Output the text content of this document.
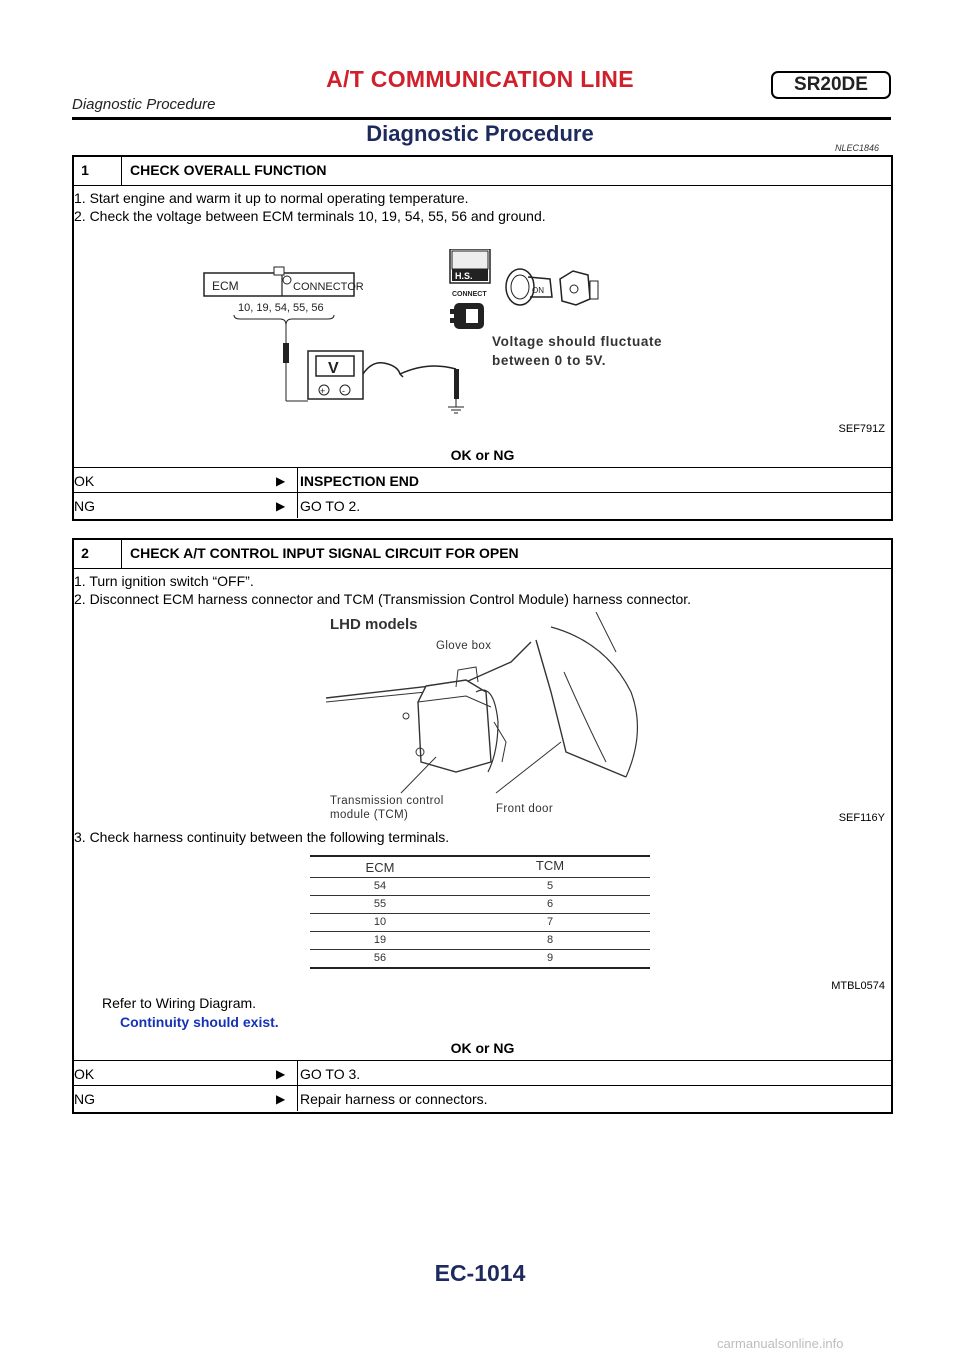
A/T COMMUNICATION LINE	SR20DE
Diagnostic Procedure
Diagnostic Procedure
NLEC1846
1	CHECK OVERALL FUNCTION
1. Start engine and warm it up to normal operating temperature.
2. Check the voltage between ECM terminals 10, 19, 54, 55, 56 and ground.
ECM	CONNECTOR
10, 19, 54, 55, 56
V
+ -
H.S.
CONNECT	ON
Voltage should fluctuate
between 0 to 5V.
SEF791Z
OK or NG
OK	▶ INSPECTION END
NG	▶ GO TO 2.
2	CHECK A/T CONTROL INPUT SIGNAL CIRCUIT FOR OPEN
1. Turn ignition switch “OFF”.
2. Disconnect ECM harness connector and TCM (Transmission Control Module) harness connector.
LHD models
Glove box
Transmission control
module (TCM)	Front door
SEF116Y
3. Check harness continuity between the following terminals.
ECM	TCM
54	5
55	6
10	7
19	8
56	9
MTBL0574
Refer to Wiring Diagram.
Continuity should exist.
OK or NG
OK	▶ GO TO 3.
NG	▶ Repair harness or connectors.
EC-1014
carmanualsonline.info
